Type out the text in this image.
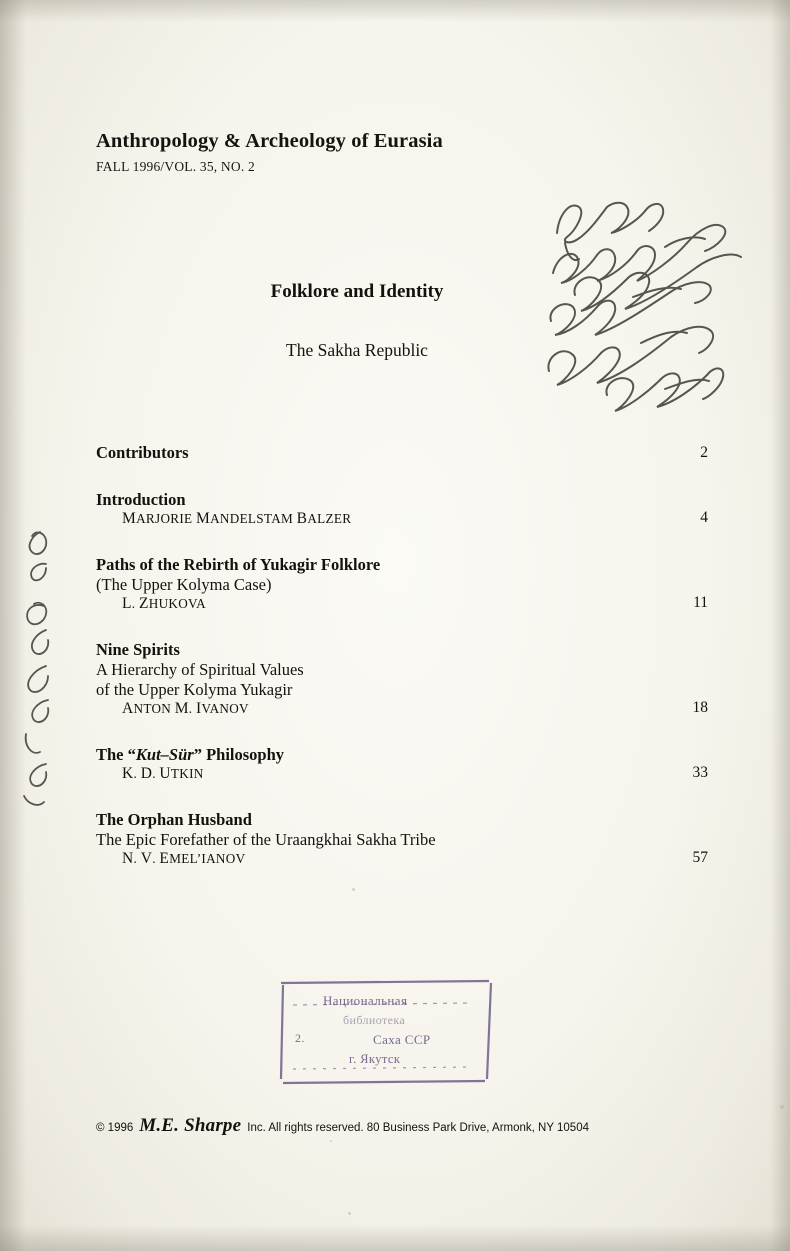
Anthropology & Archeology of Eurasia
FALL 1996/VOL. 35, NO. 2
Folklore and Identity
The Sakha Republic
Contributors	2
Introduction
MARJORIE MANDELSTAM BALZER	4
Paths of the Rebirth of Yukagir Folklore
(The Upper Kolyma Case)
L. ZHUKOVA	11
Nine Spirits
A Hierarchy of Spiritual Values
of the Upper Kolyma Yukagir
ANTON M. IVANOV	18
The “Kut–Sür” Philosophy
K. D. UTKIN	33
The Orphan Husband
The Epic Forefather of the Uraangkhai Sakha Tribe
N. V. EMEL’IANOV	57
Национальная
библиотека
Саха ССР
г. Якутск
2.
© 1996 M.E. Sharpe Inc. All rights reserved. 80 Business Park Drive, Armonk, NY 10504
